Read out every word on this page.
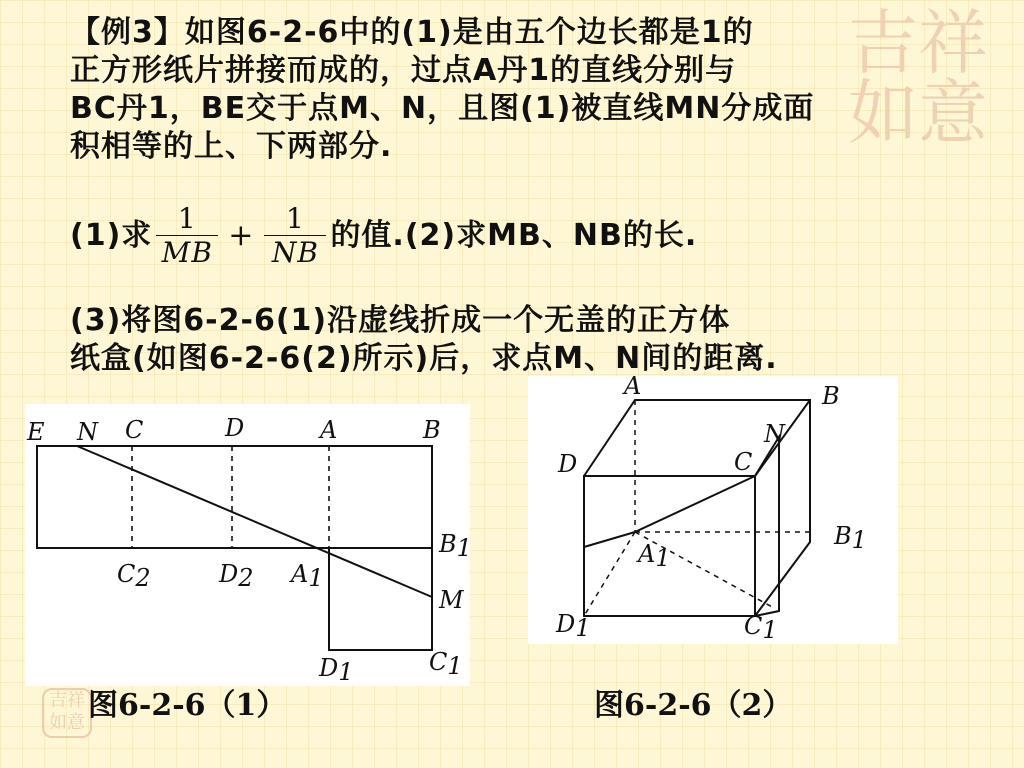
吉祥如意
吉祥如意
【例3】如图6-2-6中的(1)是由五个边长都是1的
正方形纸片拼接而成的，过点A丹1的直线分别与
BC丹1，BE交于点M、N，且图(1)被直线MN分成面
积相等的上、下两部分.
(1)求 $\frac{1}{MB} + \frac{1}{NB}$ 的值.(2)求MB、NB的长.
(3)将图6-2-6(1)沿虚线折成一个无盖的正方体
纸盒(如图6-2-6(2)所示)后，求点M、N间的距离.
E N C	D	A	B
B1
C2	D2 A1
M
D1	C1
A	B
N
D	C
B1
A1
D1	C1
图6-2-6（1）	图6-2-6（2）
